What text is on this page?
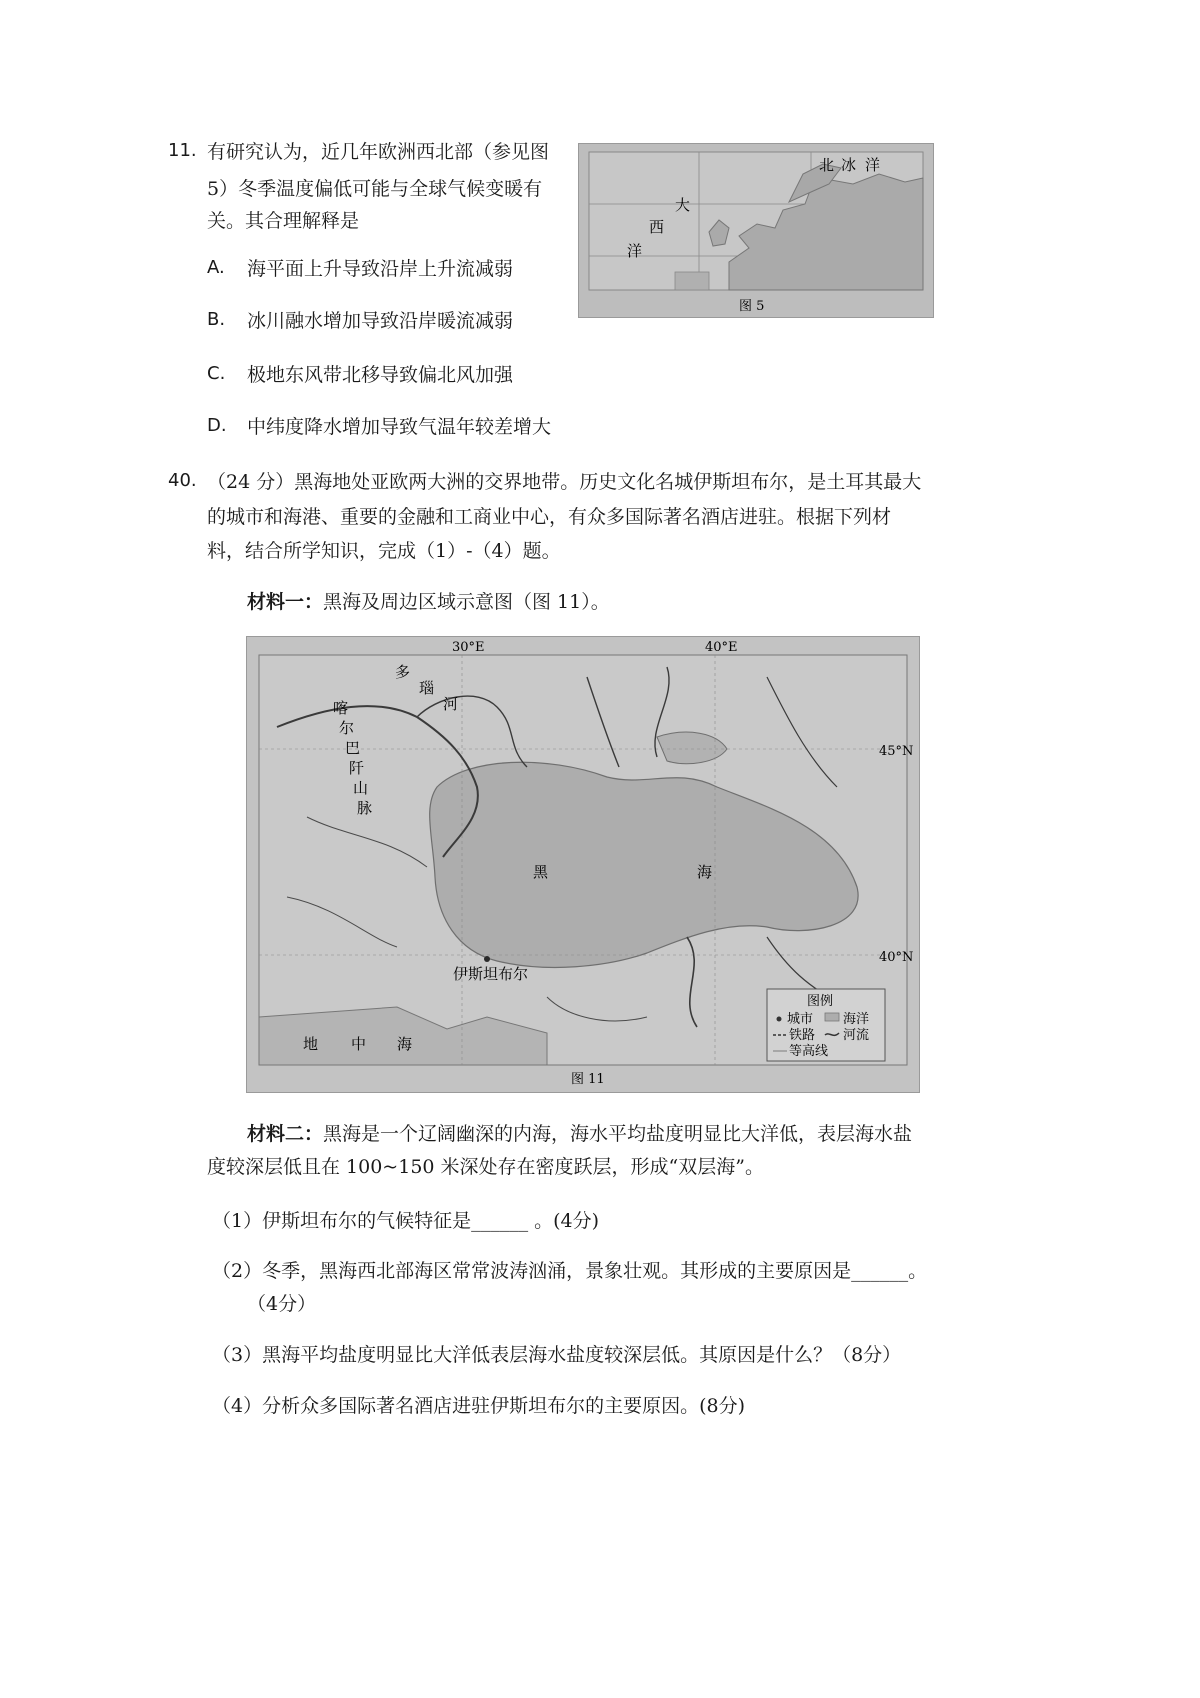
11. 有研究认为，近几年欧洲西北部（参见图
5）冬季温度偏低可能与全球气候变暖有
关。其合理解释是
A. 海平面上升导致沿岸上升流减弱
B. 冰川融水增加导致沿岸暖流减弱
C. 极地东风带北移导致偏北风加强
D. 中纬度降水增加导致气温年较差增大
北 冰 洋
大
西
洋
图 5
40. （24 分）黑海地处亚欧两大洲的交界地带。历史文化名城伊斯坦布尔，是土耳其最大
的城市和海港、重要的金融和工商业中心，有众多国际著名酒店进驻。根据下列材
料，结合所学知识，完成（1）-（4）题。
材料一：黑海及周边区域示意图（图 11）。
30°E	40°E
45°N
40°N
黑	海
地 中 海
多
瑙
河
喀
尔
巴
阡
山
脉
伊斯坦布尔
图例
城市 海洋
铁路 河流
等高线
图 11
材料二：黑海是一个辽阔幽深的内海，海水平均盐度明显比大洋低，表层海水盐
度较深层低且在 100~150 米深处存在密度跃层，形成“双层海”。
（1）伊斯坦布尔的气候特征是______ 。(4分)
（2）冬季，黑海西北部海区常常波涛汹涌，景象壮观。其形成的主要原因是______。
（4分）
（3）黑海平均盐度明显比大洋低表层海水盐度较深层低。其原因是什么？（8分）
（4）分析众多国际著名酒店进驻伊斯坦布尔的主要原因。(8分)
